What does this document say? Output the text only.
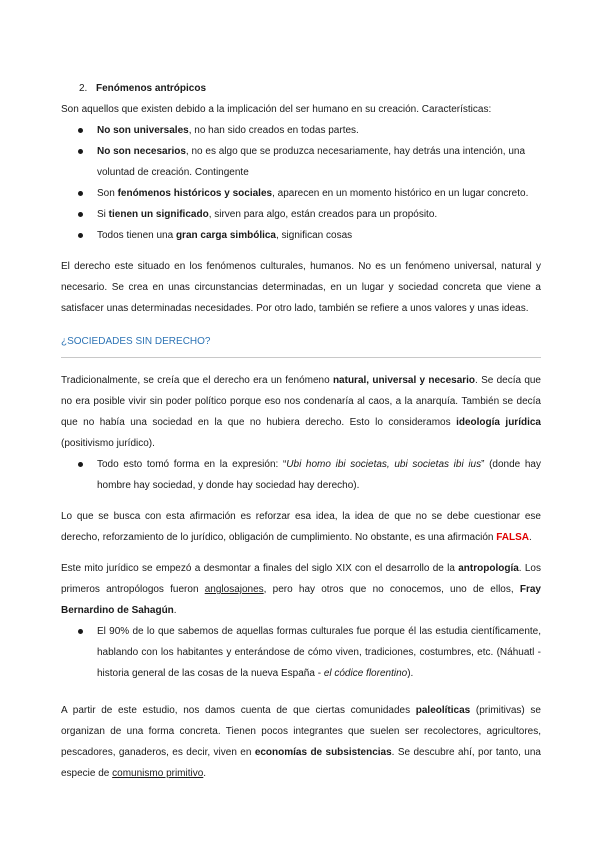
2. Fenómenos antrópicos

Son aquellos que existen debido a la implicación del ser humano en su creación. Características:

No son universales, no han sido creados en todas partes.
No son necesarios, no es algo que se produzca necesariamente, hay detrás una intención, una voluntad de creación. Contingente
Son fenómenos históricos y sociales, aparecen en un momento histórico en un lugar concreto.
Si tienen un significado, sirven para algo, están creados para un propósito.
Todos tienen una gran carga simbólica, significan cosas

El derecho este situado en los fenómenos culturales, humanos. No es un fenómeno universal, natural y necesario. Se crea en unas circunstancias determinadas, en un lugar y sociedad concreta que viene a satisfacer unas determinadas necesidades. Por otro lado, también se refiere a unos valores y unas ideas.

¿SOCIEDADES SIN DERECHO?

Tradicionalmente, se creía que el derecho era un fenómeno natural, universal y necesario. Se decía que no era posible vivir sin poder político porque eso nos condenaría al caos, a la anarquía. También se decía que no había una sociedad en la que no hubiera derecho. Esto lo consideramos ideología jurídica (positivismo jurídico).

Todo esto tomó forma en la expresión: “Ubi homo ibi societas, ubi societas ibi ius” (donde hay hombre hay sociedad, y donde hay sociedad hay derecho).

Lo que se busca con esta afirmación es reforzar esa idea, la idea de que no se debe cuestionar ese derecho, reforzamiento de lo jurídico, obligación de cumplimiento. No obstante, es una afirmación FALSA.

Este mito jurídico se empezó a desmontar a finales del siglo XIX con el desarrollo de la antropología. Los primeros antropólogos fueron anglosajones, pero hay otros que no conocemos, uno de ellos, Fray Bernardino de Sahagún.

El 90% de lo que sabemos de aquellas formas culturales fue porque él las estudia científicamente, hablando con los habitantes y enterándose de cómo viven, tradiciones, costumbres, etc. (Náhuatl - historia general de las cosas de la nueva España - el códice florentino).

A partir de este estudio, nos damos cuenta de que ciertas comunidades paleolíticas (primitivas) se organizan de una forma concreta. Tienen pocos integrantes que suelen ser recolectores, agricultores, pescadores, ganaderos, es decir, viven en economías de subsistencias. Se descubre ahí, por tanto, una especie de comunismo primitivo.
